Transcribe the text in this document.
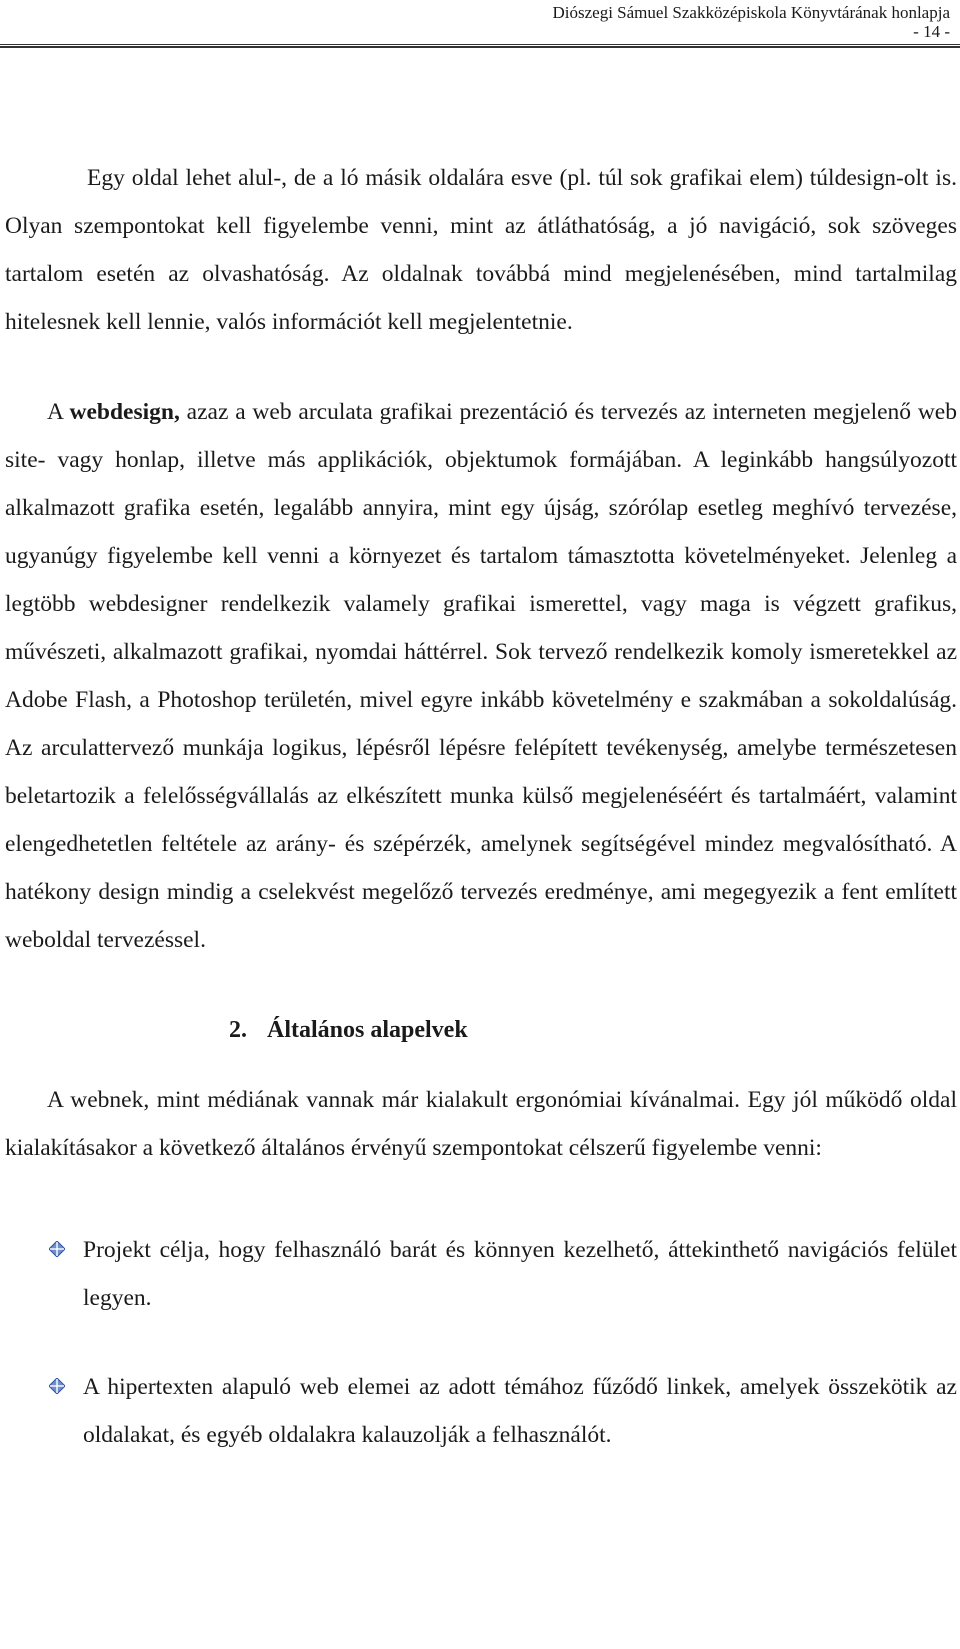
Diószegi Sámuel Szakközépiskola Könyvtárának honlapja
- 14 -

Egy oldal lehet alul-, de a ló másik oldalára esve (pl. túl sok grafikai elem) túldesign-olt is. Olyan szempontokat kell figyelembe venni, mint az átláthatóság, a jó navigáció, sok szöveges tartalom esetén az olvashatóság. Az oldalnak továbbá mind megjelenésében, mind tartalmilag hitelesnek kell lennie, valós információt kell megjelentetnie.

A webdesign, azaz a web arculata grafikai prezentáció és tervezés az interneten megjelenő web site- vagy honlap, illetve más applikációk, objektumok formájában. A leginkább hangsúlyozott alkalmazott grafika esetén, legalább annyira, mint egy újság, szórólap esetleg meghívó tervezése, ugyanúgy figyelembe kell venni a környezet és tartalom támasztotta követelményeket. Jelenleg a legtöbb webdesigner rendelkezik valamely grafikai ismerettel, vagy maga is végzett grafikus, művészeti, alkalmazott grafikai, nyomdai háttérrel. Sok tervező rendelkezik komoly ismeretekkel az Adobe Flash, a Photoshop területén, mivel egyre inkább követelmény e szakmában a sokoldalúság. Az arculattervező munkája logikus, lépésről lépésre felépített tevékenység, amelybe természetesen beletartozik a felelősségvállalás az elkészített munka külső megjelenéséért és tartalmáért, valamint elengedhetetlen feltétele az arány- és szépérzék, amelynek segítségével mindez megvalósítható. A hatékony design mindig a cselekvést megelőző tervezés eredménye, ami megegyezik a fent említett weboldal tervezéssel.

2. Általános alapelvek

A webnek, mint médiának vannak már kialakult ergonómiai kívánalmai. Egy jól működő oldal kialakításakor a következő általános érvényű szempontokat célszerű figyelembe venni:

Projekt célja, hogy felhasználó barát és könnyen kezelhető, áttekinthető navigációs felület legyen.
A hipertexten alapuló web elemei az adott témához fűződő linkek, amelyek összekötik az oldalakat, és egyéb oldalakra kalauzolják a felhasználót.
